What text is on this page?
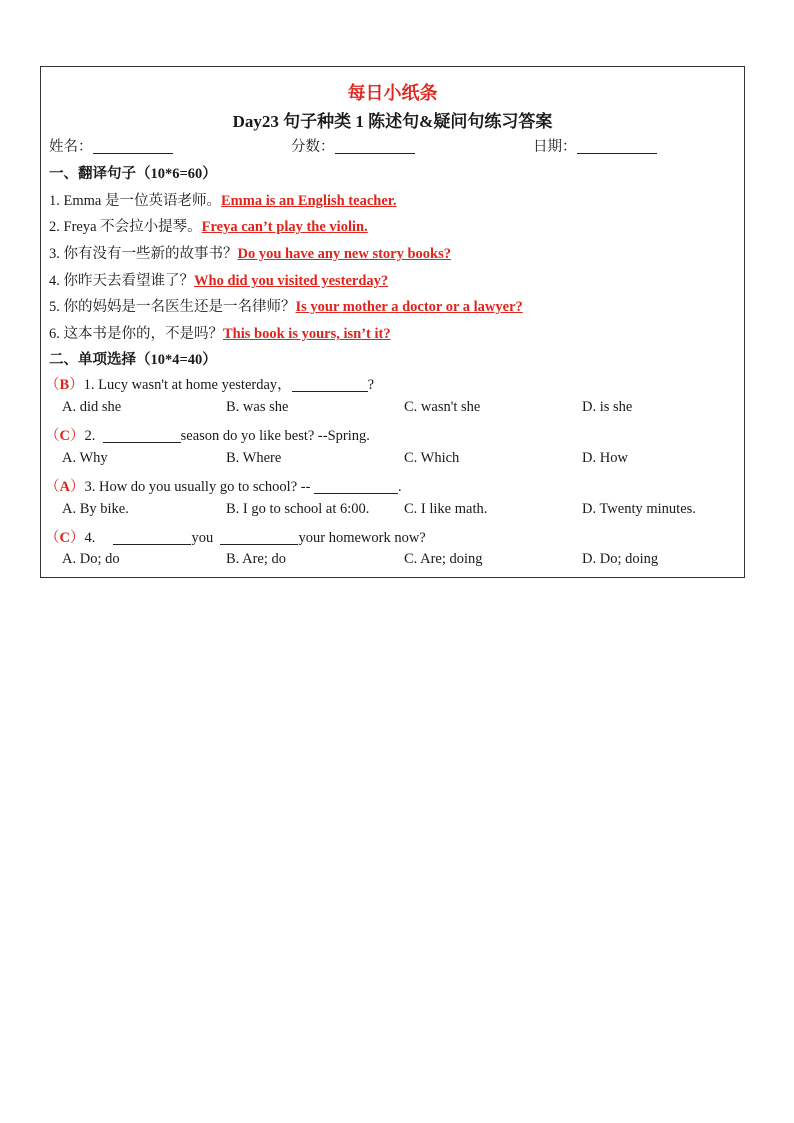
每日小纸条
Day23 句子种类 1 陈述句&疑问句练习答案
姓名：	分数：	日期：
一、翻译句子（10*6=60）
1. Emma 是一位英语老师。Emma is an English teacher.
2. Freya 不会拉小提琴。Freya can’t play the violin.
3. 你有没有一些新的故事书？Do you have any new story books?
4. 你昨天去看望谁了？Who did you visited yesterday?
5. 你的妈妈是一名医生还是一名律师？Is your mother a doctor or a lawyer?
6. 这本书是你的，不是吗？This book is yours, isn’t it?
二、单项选择（10*4=40）
（B）1. Lucy wasn't at home yesterday，	?
A. did she	B. was she	C. wasn't she	D. is she
（C）2.	season do yo like best? --Spring.
A. Why	B. Where	C. Which	D. How
（A）3. How do you usually go to school? --	.
A. By bike.	B. I go to school at 6:00. C. I like math.	D. Twenty minutes.
（C）4.	you	your homework now?
A. Do; do	B. Are; do	C. Are; doing	D. Do; doing
